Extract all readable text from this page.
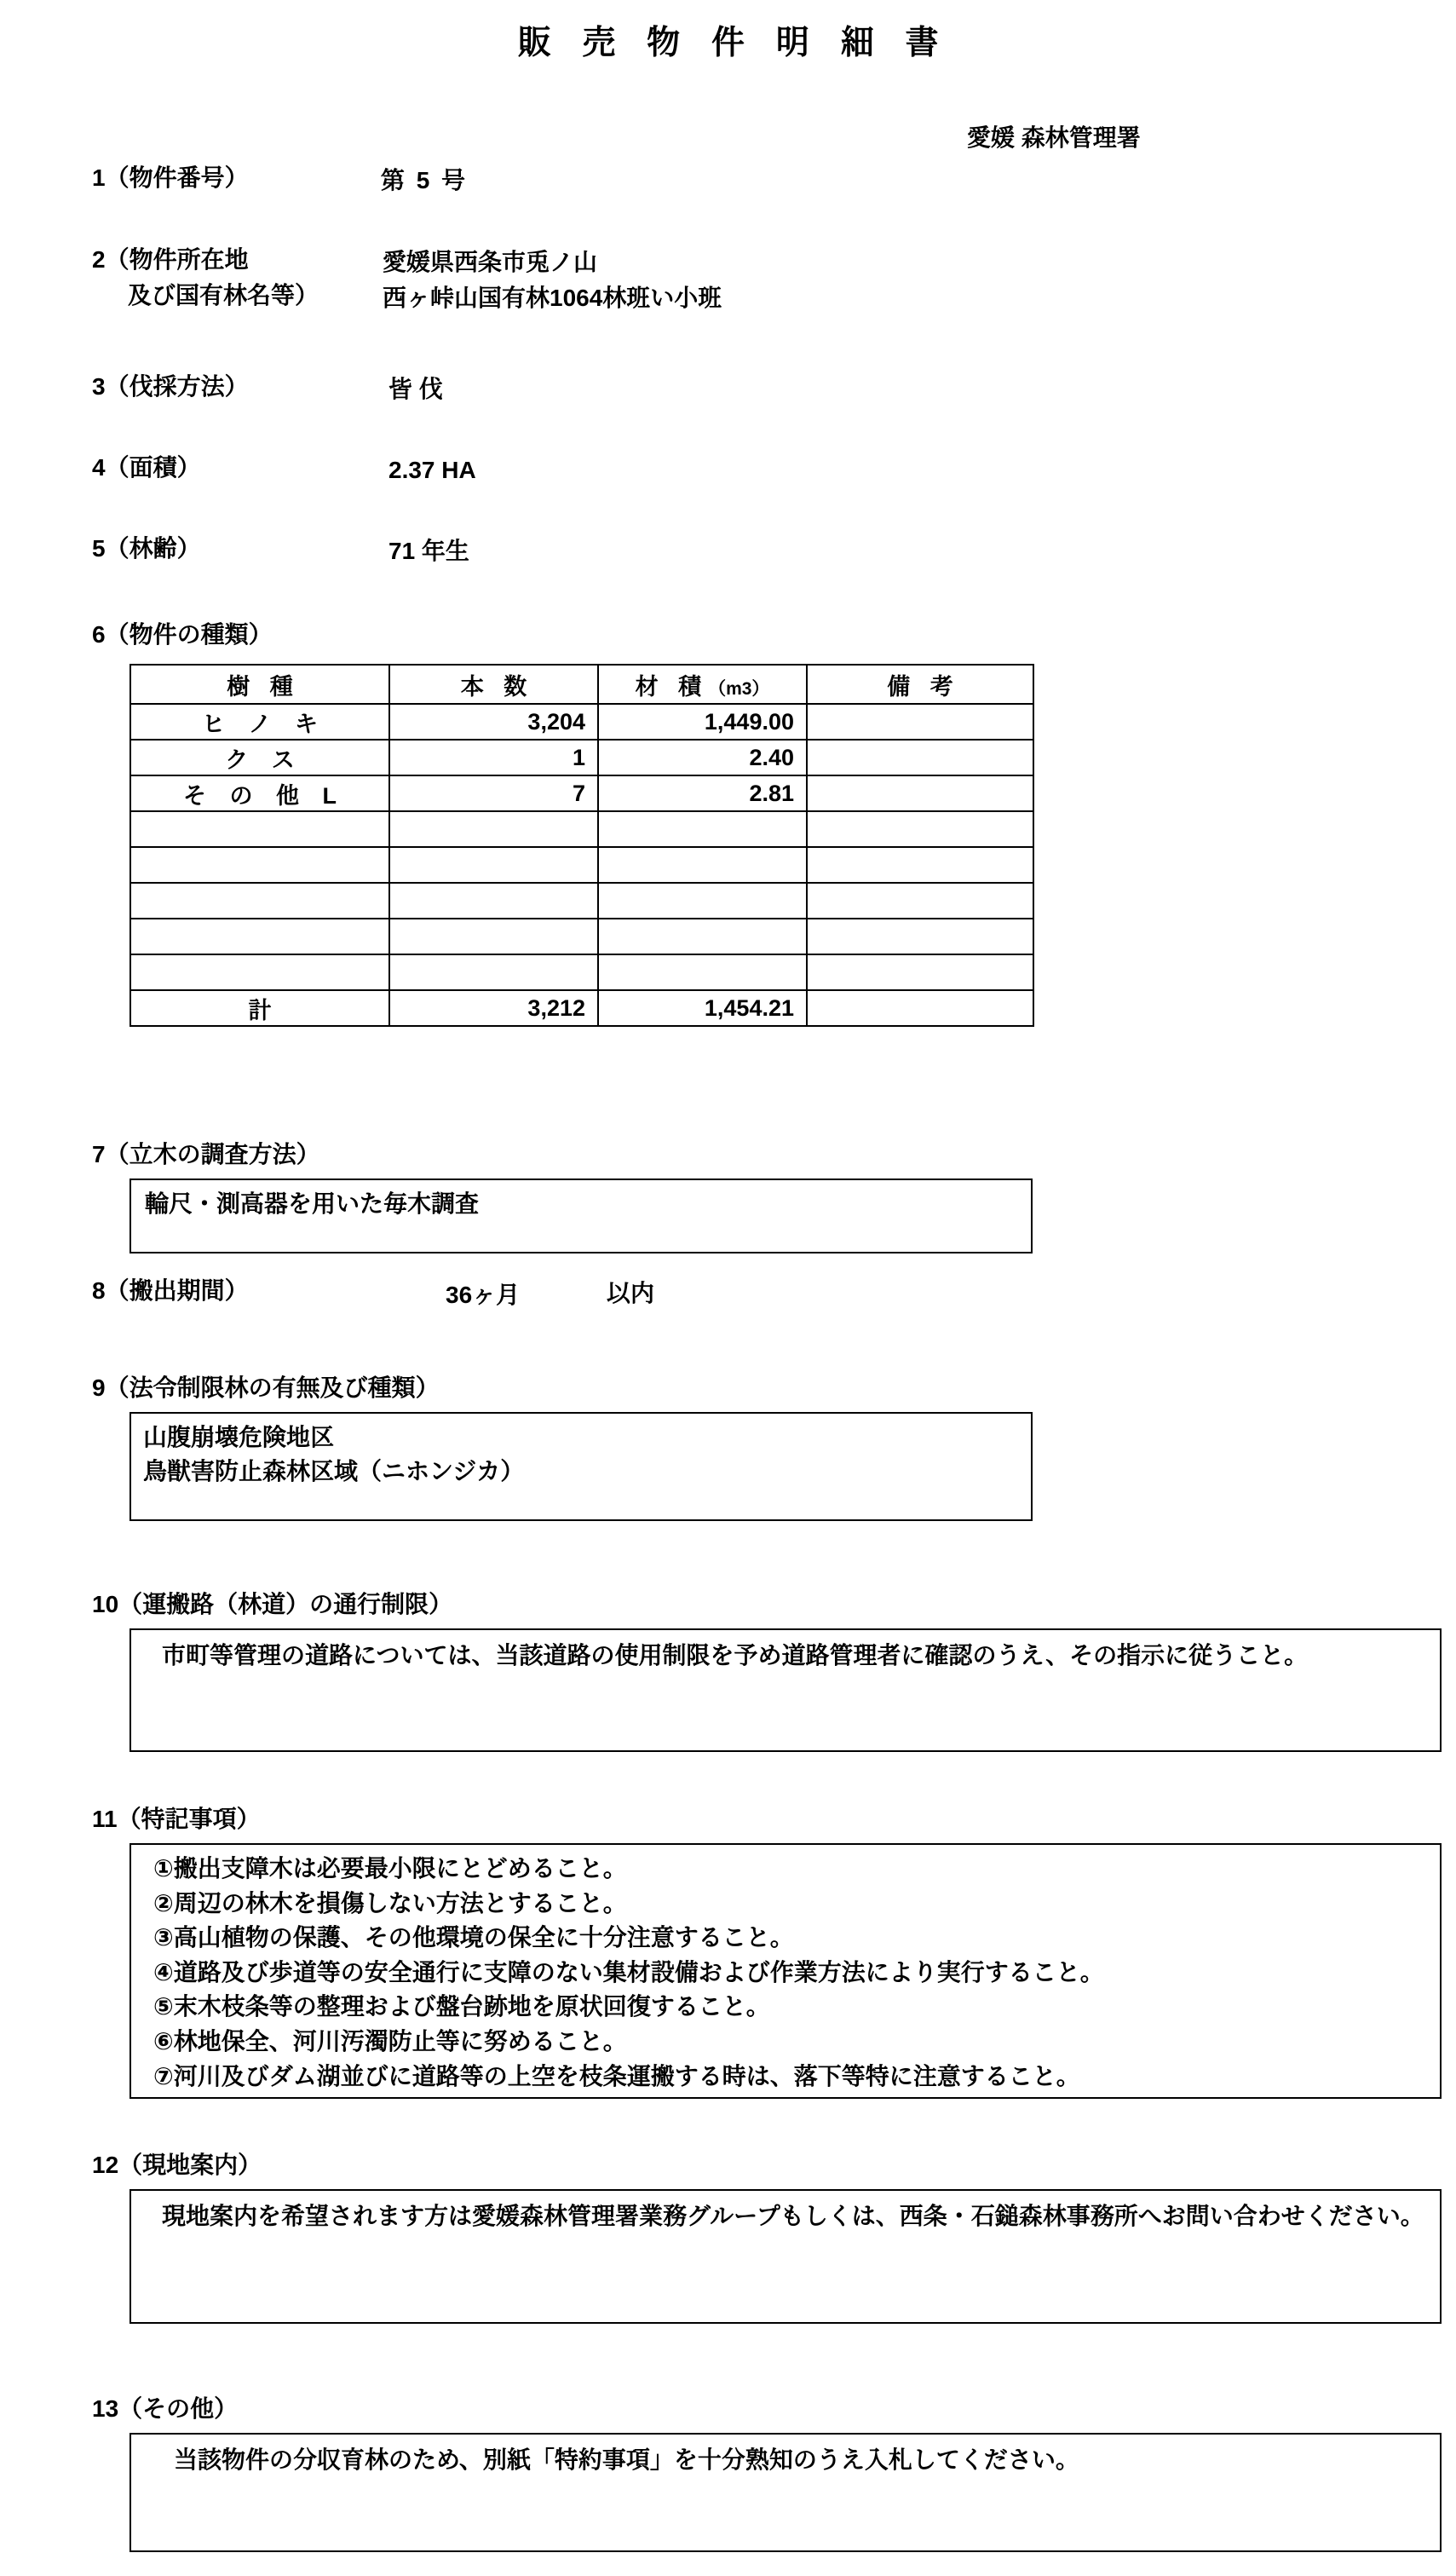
販 売 物 件 明 細 書
愛媛 森林管理署
1（物件番号）	第 5 号
2（物件所在地
及び国有林名等）
愛媛県西条市兎ノ山
西ヶ峠山国有林1064林班い小班
3（伐採方法）	皆 伐
4（面積）	2.37 HA
5（林齢）	71 年生
6（物件の種類）
樹 種	本 数	材 積（m3）	備 考
ヒ ノ キ	3,204	1,449.00	
ク ス	1	2.40	
そ の 他 L	7	2.81	

計	3,212	1,454.21	
7（立木の調査方法）
輪尺・測高器を用いた毎木調査
8（搬出期間）	36ヶ月	以内
9（法令制限林の有無及び種類）
山腹崩壊危険地区
鳥獣害防止森林区域（ニホンジカ）
10（運搬路（林道）の通行制限）
市町等管理の道路については、当該道路の使用制限を予め道路管理者に確認のうえ、その指示に従うこと。
11（特記事項）
①搬出支障木は必要最小限にとどめること。
②周辺の林木を損傷しない方法とすること。
③高山植物の保護、その他環境の保全に十分注意すること。
④道路及び歩道等の安全通行に支障のない集材設備および作業方法により実行すること。
⑤末木枝条等の整理および盤台跡地を原状回復すること。
⑥林地保全、河川汚濁防止等に努めること。
⑦河川及びダム湖並びに道路等の上空を枝条運搬する時は、落下等特に注意すること。
12（現地案内）
現地案内を希望されます方は愛媛森林管理署業務グループもしくは、西条・石鎚森林事務所へお問い合わせください。
13（その他）
当該物件の分収育林のため、別紙「特約事項」を十分熟知のうえ入札してください。
